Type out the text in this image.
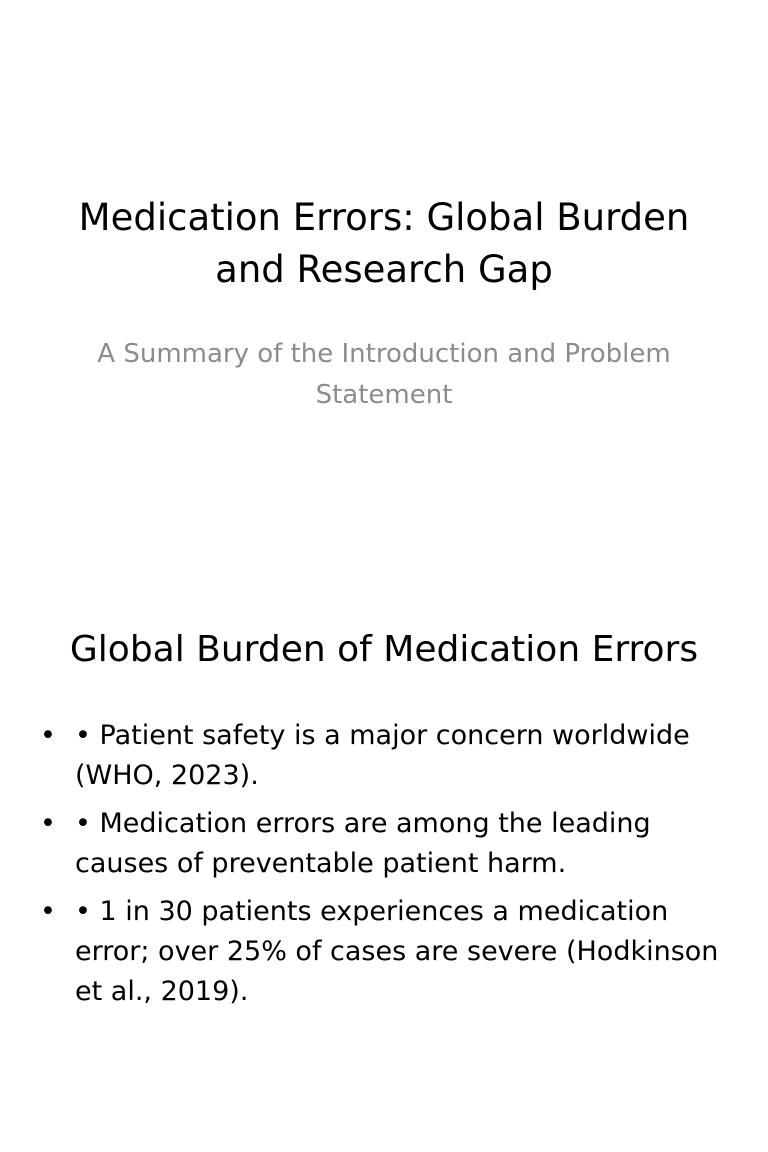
Medication Errors: Global Burden and Research Gap

A Summary of the Introduction and Problem Statement

Global Burden of Medication Errors
• • Patient safety is a major concern worldwide (WHO, 2023).
• • Medication errors are among the leading causes of preventable patient harm.
• • 1 in 30 patients experiences a medication error; over 25% of cases are severe (Hodkinson et al., 2019).
